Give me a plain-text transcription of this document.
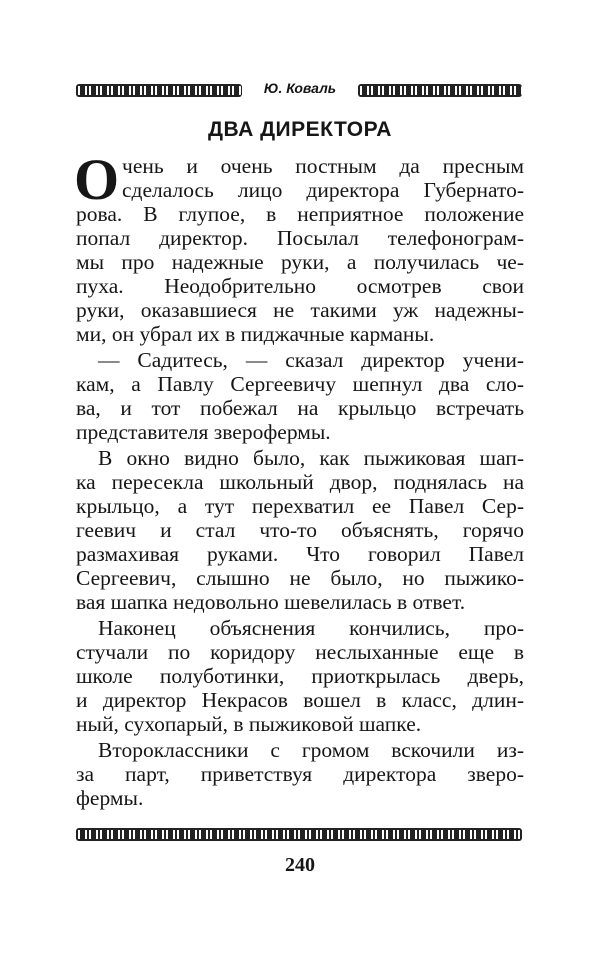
Ю. Коваль
ДВА ДИРЕКТОРА
О чень и очень постным да пресным
сделалось лицо директора Губернато-
рова. В глупое, в неприятное положение
попал директор. Посылал телефонограм-
мы про надежные руки, а получилась че-
пуха. Неодобрительно осмотрев свои
руки, оказавшиеся не такими уж надежны-
ми, он убрал их в пиджачные карманы.
— Садитесь, — сказал директор учени-
кам, а Павлу Сергеевичу шепнул два сло-
ва, и тот побежал на крыльцо встречать
представителя зверофермы.
В окно видно было, как пыжиковая шап-
ка пересекла школьный двор, поднялась на
крыльцо, а тут перехватил ее Павел Сер-
геевич и стал что-то объяснять, горячо
размахивая руками. Что говорил Павел
Сергеевич, слышно не было, но пыжико-
вая шапка недовольно шевелилась в ответ.
Наконец объяснения кончились, про-
стучали по коридору неслыханные еще в
школе полуботинки, приоткрылась дверь,
и директор Некрасов вошел в класс, длин-
ный, сухопарый, в пыжиковой шапке.
Второклассники с громом вскочили из-
за парт, приветствуя директора зверо-
фермы.
240
